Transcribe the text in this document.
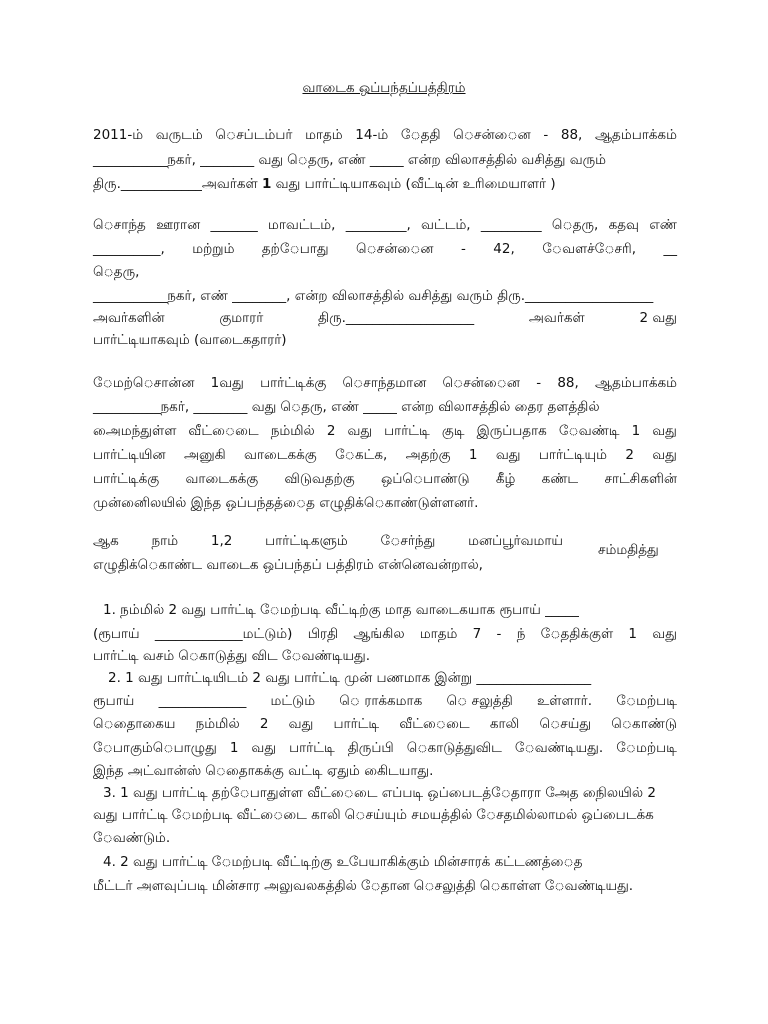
வாடைக ஒப்பந்தப்பத்திரம்
2011-ம் வருடம் ெசப்டம்பர் மாதம் 14-ம் ேததி ெசன்ைன - 88, ஆதம்பாக்கம்
___________நகர், ________ வது ெதரு, எண் _____ என்ற விலாசத்தில் வசித்து வரும்
திரு.____________அவர்கள் 1 வது பார்ட்டியாகவும் (வீட்டின் உரிமையாளர் )
ெசாந்த ஊரான _______ மாவட்டம், _________, வட்டம், _________ ெதரு, கதவு எண்
__________, மற்றும் தற்ேபாது ெசன்ைன - 42, ேவளச்ேசரி, __
ெதரு,
___________நகர், எண் ________, என்ற விலாசத்தில் வசித்து வரும் திரு.___________________
அவர்களின்	குமாரர்	திரு.___________________	அவர்கள்	2 வது
பார்ட்டியாகவும் (வாடைகதாரர்)
ேமற்ெசான்ன 1வது பார்ட்டிக்கு ெசாந்தமான ெசன்ைன - 88, ஆதம்பாக்கம்
__________நகர், ________ வது ெதரு, எண் _____ என்ற விலாசத்தில் தைர தளத்தில்
அைமந்துள்ள வீட்ைடை நம்மில் 2 வது பார்ட்டி குடி இருப்பதாக ேவண்டி 1 வது
பார்ட்டியின அனுகி வாடைகக்கு ேகட்க, அதற்கு 1 வது பார்ட்டியும் 2 வது
பார்ட்டிக்கு வாடைகக்கு விடுவதற்கு ஒப்ெபாண்டு கீழ் கண்ட சாட்சிகளின்
முன்னிைலயில் இந்த ஒப்பந்தத்ைத எழுதிக்ெகாண்டுள்ளனர்.
ஆக நாம் 1,2 பார்ட்டிகளும் ேசர்ந்து மனப்பூர்வமாய்
சம்மதித்து
எழுதிக்ெகாண்ட வாடைக ஒப்பந்தப் பத்திரம் என்னெவன்றால்,
1. நம்மில் 2 வது பார்ட்டி ேமற்படி வீட்டிற்கு மாத வாடைகயாக ரூபாய் _____
(ரூபாய் _____________மட்டும்) பிரதி ஆங்கில மாதம் 7 - ந் ேததிக்குள் 1 வது
பார்ட்டி வசம் ெகாடுத்து விட ேவண்டியது.
2. 1 வது பார்ட்டியிடம் 2 வது பார்ட்டி முன் பணமாக இன்று _________________
ரூபாய் _____________ மட்டும் ெ ராக்கமாக ெ சலுத்தி உள்ளார். ேமற்படி
ெதாைகைய நம்மில் 2 வது பார்ட்டி வீட்ைடை காலி ெசய்து ெகாண்டு
ேபாகும்ெபாழுது 1 வது பார்ட்டி திருப்பி ெகாடுத்துவிட ேவண்டியது. ேமற்படி
இந்த அட்வான்ஸ் ெதாைகக்கு வட்டி ஏதும் கிைடயாது.
3. 1 வது பார்ட்டி தற்ேபாதுள்ள வீட்ைடை எப்படி ஒப்பைடத்ேதாரா அேத நிைலயில் 2
வது பார்ட்டி ேமற்படி வீட்ைடை காலி ெசய்யும் சமயத்தில் ேசதமில்லாமல் ஒப்பைடக்க
ேவண்டும்.
4. 2 வது பார்ட்டி ேமற்படி வீட்டிற்கு உபேயாகிக்கும் மின்சாரக் கட்டணத்ைத
மீட்டர் அளவுப்படி மின்சார அலுவலகத்தில் ேதான ெசலுத்தி ெகாள்ள ேவண்டியது.
